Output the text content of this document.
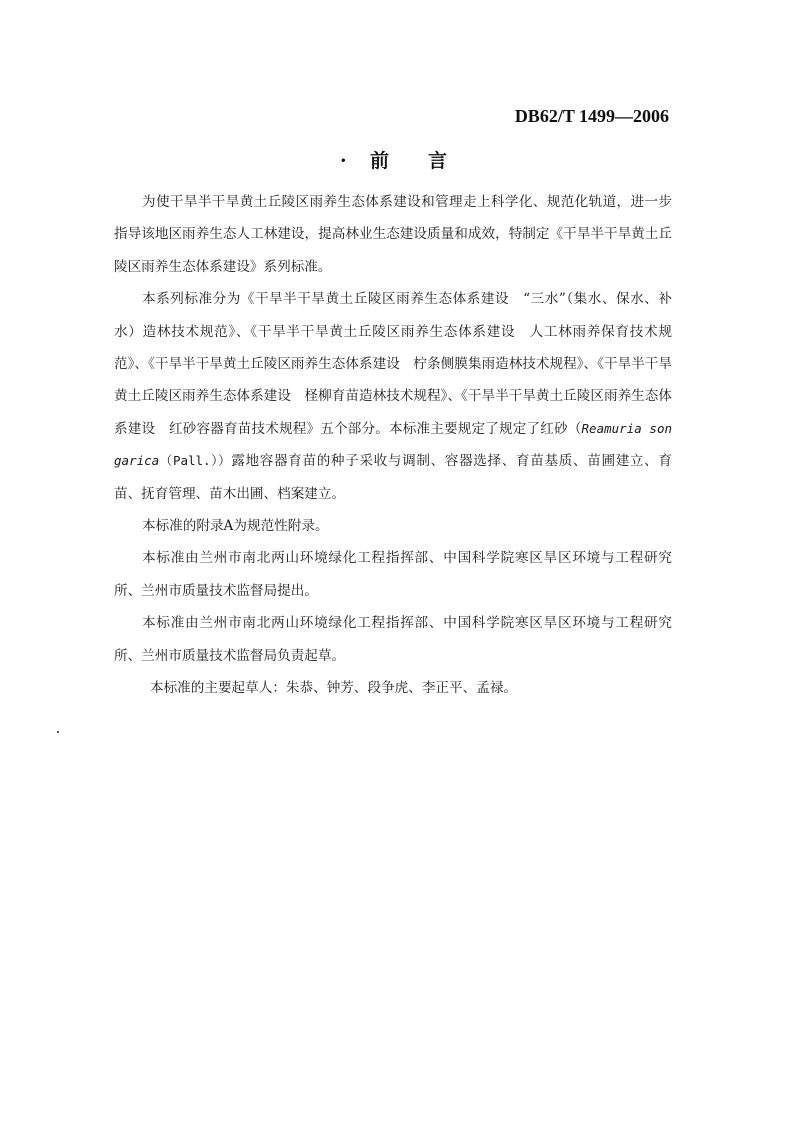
DB62/T 1499—2006
· 前 言

为使干旱半干旱黄土丘陵区雨养生态体系建设和管理走上科学化、规范化轨道，进一步指导该地区雨养生态人工林建设，提高林业生态建设质量和成效，特制定《干旱半干旱黄土丘陵区雨养生态体系建设》系列标准。

本系列标准分为《干旱半干旱黄土丘陵区雨养生态体系建设　“三水”（集水、保水、补水）造林技术规范》、《干旱半干旱黄土丘陵区雨养生态体系建设　人工林雨养保育技术规范》、《干旱半干旱黄土丘陵区雨养生态体系建设　柠条侧膜集雨造林技术规程》、《干旱半干旱黄土丘陵区雨养生态体系建设　柽柳育苗造林技术规程》、《干旱半干旱黄土丘陵区雨养生态体系建设　红砂容器育苗技术规程》五个部分。本标准主要规定了规定了红砂（Reamuria songarica（Pall.））露地容器育苗的种子采收与调制、容器选择、育苗基质、苗圃建立、育苗、抚育管理、苗木出圃、档案建立。

本标准的附录A为规范性附录。

本标准由兰州市南北两山环境绿化工程指挥部、中国科学院寒区旱区环境与工程研究所、兰州市质量技术监督局提出。

本标准由兰州市南北两山环境绿化工程指挥部、中国科学院寒区旱区环境与工程研究所、兰州市质量技术监督局负责起草。

本标准的主要起草人：朱恭、钟芳、段争虎、李正平、孟禄。
